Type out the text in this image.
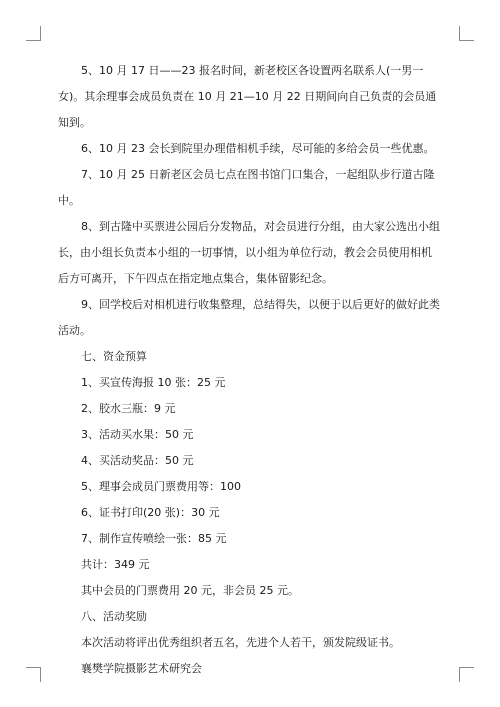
5、10 月 17 日——23 报名时间，新老校区各设置两名联系人(一男一女)。其余理事会成员负责在 10 月 21—10 月 22 日期间向自己负责的会员通知到。

6、10 月 23 会长到院里办理借相机手续，尽可能的多给会员一些优惠。

7、10 月 25 日新老区会员七点在图书馆门口集合，一起组队步行道古隆中。

8、到古隆中买票进公园后分发物品，对会员进行分组，由大家公选出小组长，由小组长负责本小组的一切事情，以小组为单位行动，教会会员使用相机后方可离开，下午四点在指定地点集合，集体留影纪念。

9、回学校后对相机进行收集整理，总结得失，以便于以后更好的做好此类活动。

七、资金预算

1、买宣传海报 10 张：25 元

2、胶水三瓶：9 元

3、活动买水果：50 元

4、买活动奖品：50 元

5、理事会成员门票费用等：100

6、证书打印(20 张)：30 元

7、制作宣传喷绘一张：85 元

共计：349 元

其中会员的门票费用 20 元，非会员 25 元。

八、活动奖励

本次活动将评出优秀组织者五名，先进个人若干，颁发院级证书。

襄樊学院摄影艺术研究会
